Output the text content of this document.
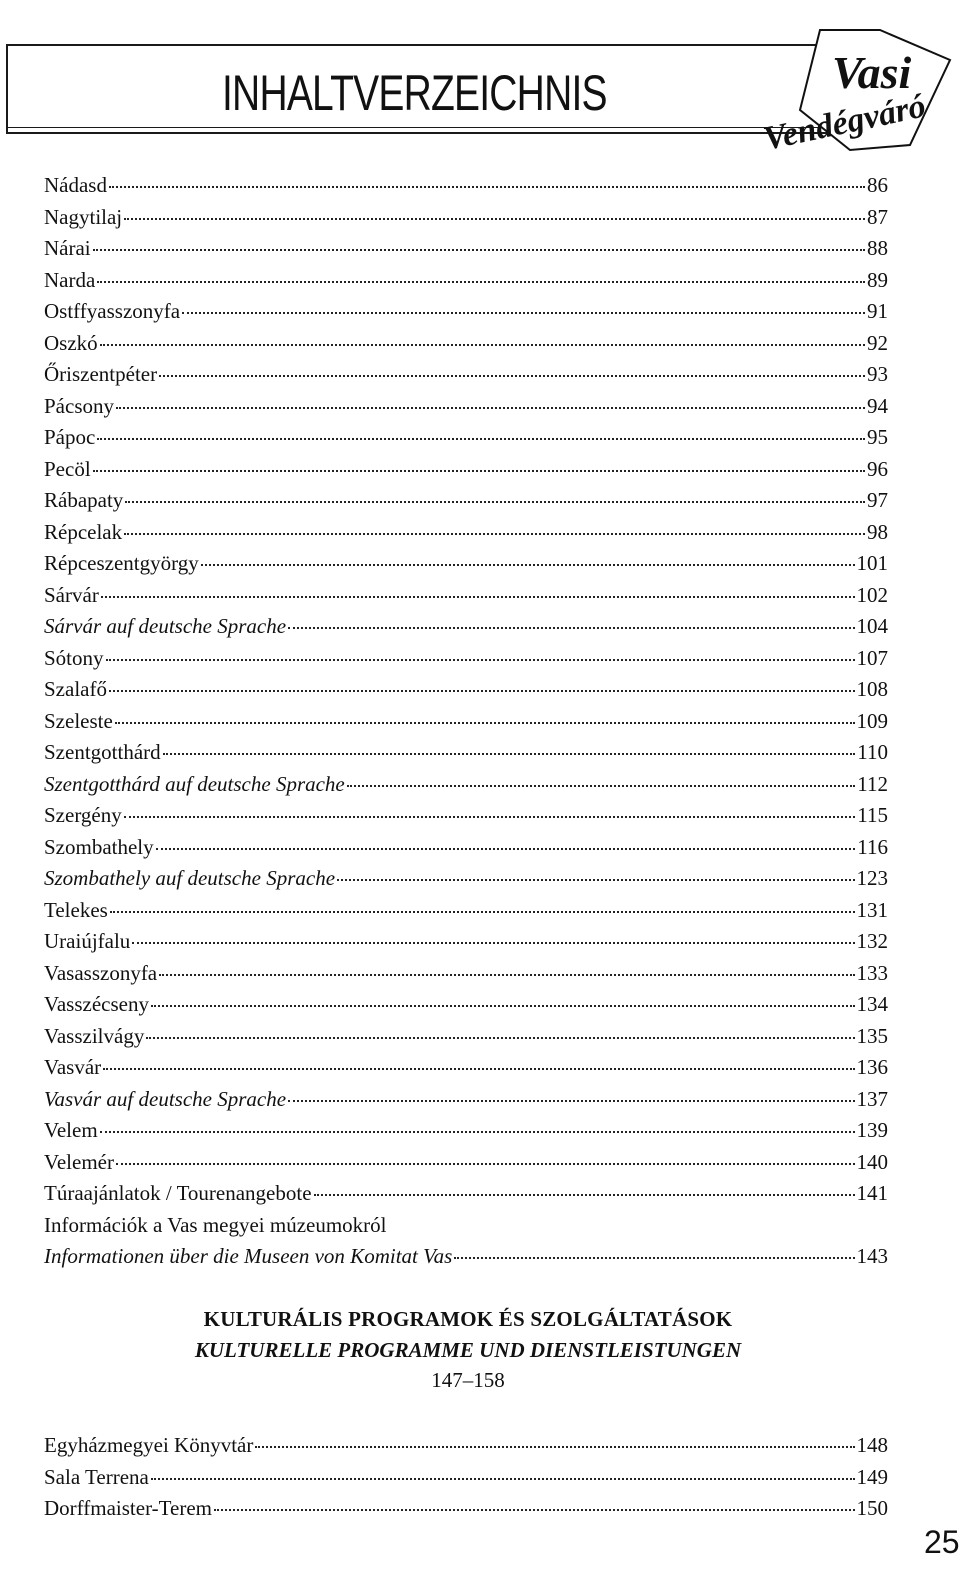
INHALTVERZEICHNIS	Vasi
Vendégváró
Nádasd	86
Nagytilaj	87
Nárai	88
Narda	89
Ostffyasszonyfa	91
Oszkó	92
Őriszentpéter	93
Pácsony	94
Pápoc	95
Pecöl	96
Rábapaty	97
Répcelak	98
Répceszentgyörgy	101
Sárvár	102
Sárvár auf deutsche Sprache	104
Sótony	107
Szalafő	108
Szeleste	109
Szentgotthárd	110
Szentgotthárd auf deutsche Sprache	112
Szergény	115
Szombathely	116
Szombathely auf deutsche Sprache	123
Telekes	131
Uraiújfalu	132
Vasasszonyfa	133
Vasszécseny	134
Vasszilvágy	135
Vasvár	136
Vasvár auf deutsche Sprache	137
Velem	139
Velemér	140
Túraajánlatok / Tourenangebote	141
Információk a Vas megyei múzeumokról
Informationen über die Museen von Komitat Vas	143
KULTURÁLIS PROGRAMOK ÉS SZOLGÁLTATÁSOK
KULTURELLE PROGRAMME UND DIENSTLEISTUNGEN
147–158
Egyházmegyei Könyvtár	148
Sala Terrena	149
Dorffmaister-Terem	150
25
